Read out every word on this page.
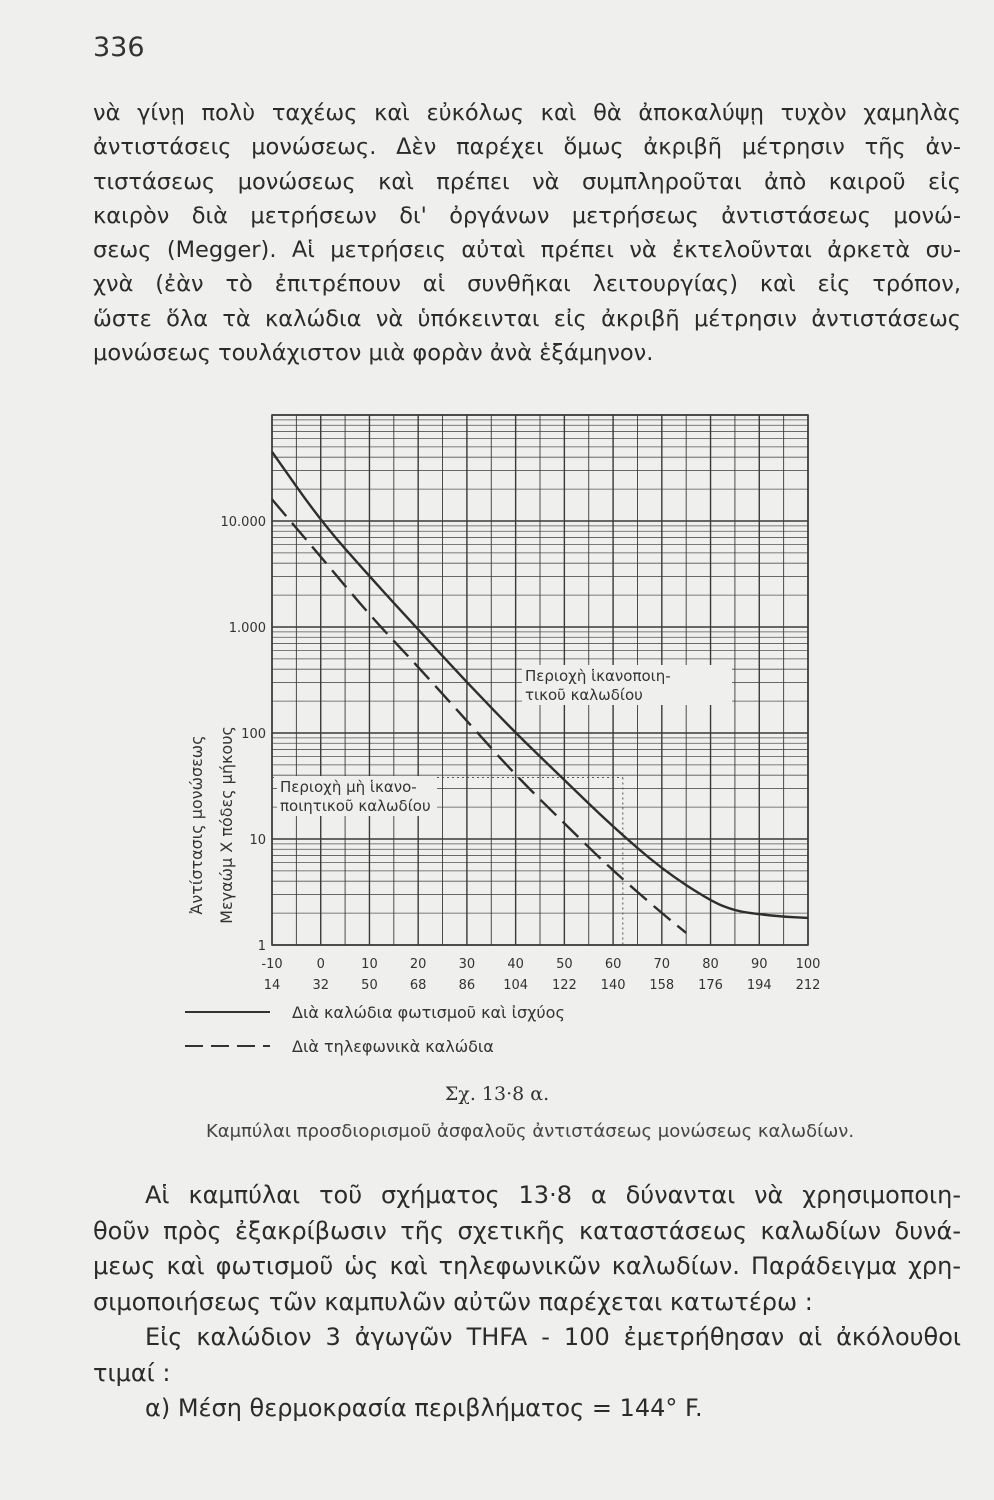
336
νὰ γίνῃ πολὺ ταχέως καὶ εὐκόλως καὶ θὰ ἀποκαλύψῃ τυχὸν χαμηλὰς
ἀντιστάσεις μονώσεως. Δὲν παρέχει ὅμως ἀκριβῆ μέτρησιν τῆς ἀν-
τιστάσεως μονώσεως καὶ πρέπει νὰ συμπληροῦται ἀπὸ καιροῦ εἰς
καιρὸν διὰ μετρήσεων δι' ὀργάνων μετρήσεως ἀντιστάσεως μονώ-
σεως (Megger). Αἱ μετρήσεις αὐταὶ πρέπει νὰ ἐκτελοῦνται ἀρκετὰ συ-
χνὰ (ἐὰν τὸ ἐπιτρέπουν αἱ συνθῆκαι λειτουργίας) καὶ εἰς τρόπον,
ὥστε ὅλα τὰ καλώδια νὰ ὑπόκεινται εἰς ἀκριβῆ μέτρησιν ἀντιστάσεως
μονώσεως τουλάχιστον μιὰ φορὰν ἀνὰ ἑξάμηνον.
Ἀντίστασις μονώσεως Μεγαώμ Χ πόδες μήκους
Περιοχὴ ἱκανοποιη-
τικοῦ καλωδίου
Περιοχὴ μὴ ἱκανο-
ποιητικοῦ καλωδίου
Διὰ καλώδια φωτισμοῦ καὶ ἰσχύος
Διὰ τηλεφωνικὰ καλώδια
1
10
100
1.000
10.000
-10	0	10 20 30 40 50 60 70 80 90 100
14 32 50 68 86 104 122 140 158 176 194 212
Σχ. 13·8 α.
Καμπύλαι προσδιορισμοῦ ἀσφαλοῦς ἀντιστάσεως μονώσεως καλωδίων.
Αἱ καμπύλαι τοῦ σχήματος 13·8 α δύνανται νὰ χρησιμοποιη-
θοῦν πρὸς ἐξακρίβωσιν τῆς σχετικῆς καταστάσεως καλωδίων δυνά-
μεως καὶ φωτισμοῦ ὡς καὶ τηλεφωνικῶν καλωδίων. Παράδειγμα χρη-
σιμοποιήσεως τῶν καμπυλῶν αὐτῶν παρέχεται κατωτέρω :
Εἰς καλώδιον 3 ἀγωγῶν THFA - 100 ἐμετρήθησαν αἱ ἀκόλουθοι
τιμαί :
α) Μέση θερμοκρασία περιβλήματος = 144° F.
